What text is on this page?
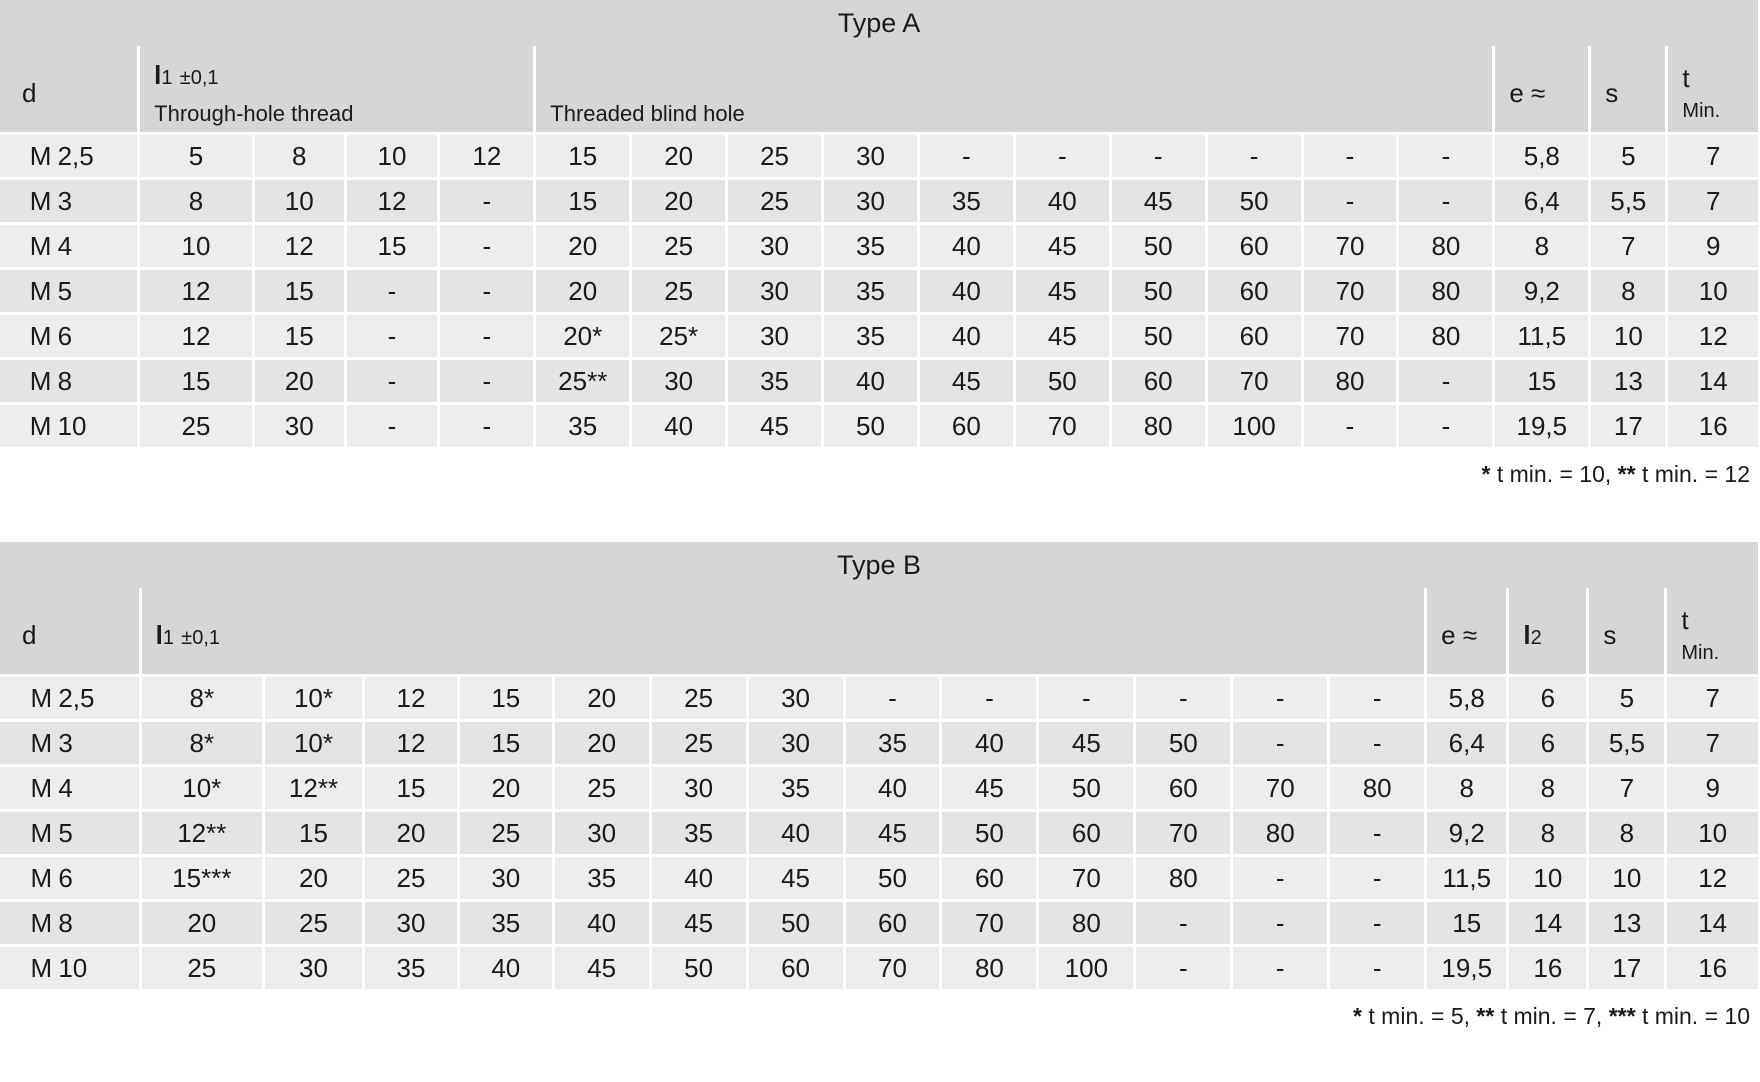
Type A																	

d	l1 ±0,1
Through-hole thread				Threaded blind hole										e ≈	s	t
Min.

M 2,5	5	8	10	12	15	20	25	30	-	-	-	-	-	-	5,8	5	7
M 3	8	10	12	-	15	20	25	30	35	40	45	50	-	-	6,4	5,5	7
M 4	10	12	15	-	20	25	30	35	40	45	50	60	70	80	8	7	9
M 5	12	15	-	-	20	25	30	35	40	45	50	60	70	80	9,2	8	10
M 6	12	15	-	-	20*	25*	30	35	40	45	50	60	70	80	11,5	10	12
M 8	15	20	-	-	25**	30	35	40	45	50	60	70	80	-	15	13	14
M 10	25	30	-	-	35	40	45	50	60	70	80	100	-	-	19,5	17	16
* t min. = 10, ** t min. = 12
Type B																	

d	l1 ±0,1													e ≈	l2	s	t
Min.

M 2,5	8*	10*	12	15	20	25	30	-	-	-	-	-	-	5,8	6	5	7
M 3	8*	10*	12	15	20	25	30	35	40	45	50	-	-	6,4	6	5,5	7
M 4	10*	12**	15	20	25	30	35	40	45	50	60	70	80	8	8	7	9
M 5	12**	15	20	25	30	35	40	45	50	60	70	80	-	9,2	8	8	10
M 6	15***	20	25	30	35	40	45	50	60	70	80	-	-	11,5	10	10	12
M 8	20	25	30	35	40	45	50	60	70	80	-	-	-	15	14	13	14
M 10	25	30	35	40	45	50	60	70	80	100	-	-	-	19,5	16	17	16
* t min. = 5, ** t min. = 7, *** t min. = 10
